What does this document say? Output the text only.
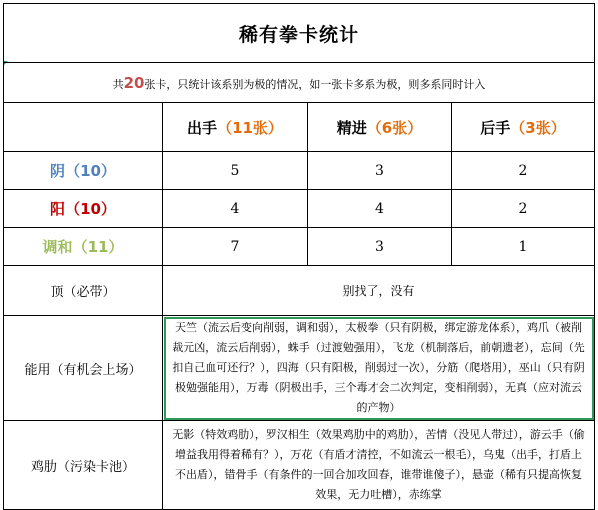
稀有拳卡统计			
共20张卡，只统计该系别为极的情况，如一张卡多系为极，则多系同时计入			
	出手（11张）	精进（6张）	后手（3张）
阴（10）	5	3	2
阳（10）	4	4	2
调和（11）	7	3	1
顶（必带）	别找了，没有		
能用（有机会上场）	天竺（流云后变向削弱，调和弱），太极拳（只有阴极，绑定游龙体系），鸡爪（被削裁元凶，流云后削弱），蛛手（过渡勉强用），飞龙（机制落后，前朝遗老），忘间（先扣自己血可还行？），四海（只有阳极，削弱过一次），分筋（爬塔用），巫山（只有阴极勉强能用），万毒（阴极出手，三个毒才会二次判定，变相削弱），无真（应对流云的产物）		
鸡肋（污染卡池）	无影（特效鸡肋），罗汉相生（效果鸡肋中的鸡肋），苦情（没见人带过），游云手（偷增益我用得着稀有？），万花（有盾才清控，不如流云一根毛），乌鬼（出手，打盾上不出盾），错骨手（有条件的一回合加攻回春，谁带谁傻子），悬壶（稀有只提高恢复效果，无力吐槽），赤练掌		
